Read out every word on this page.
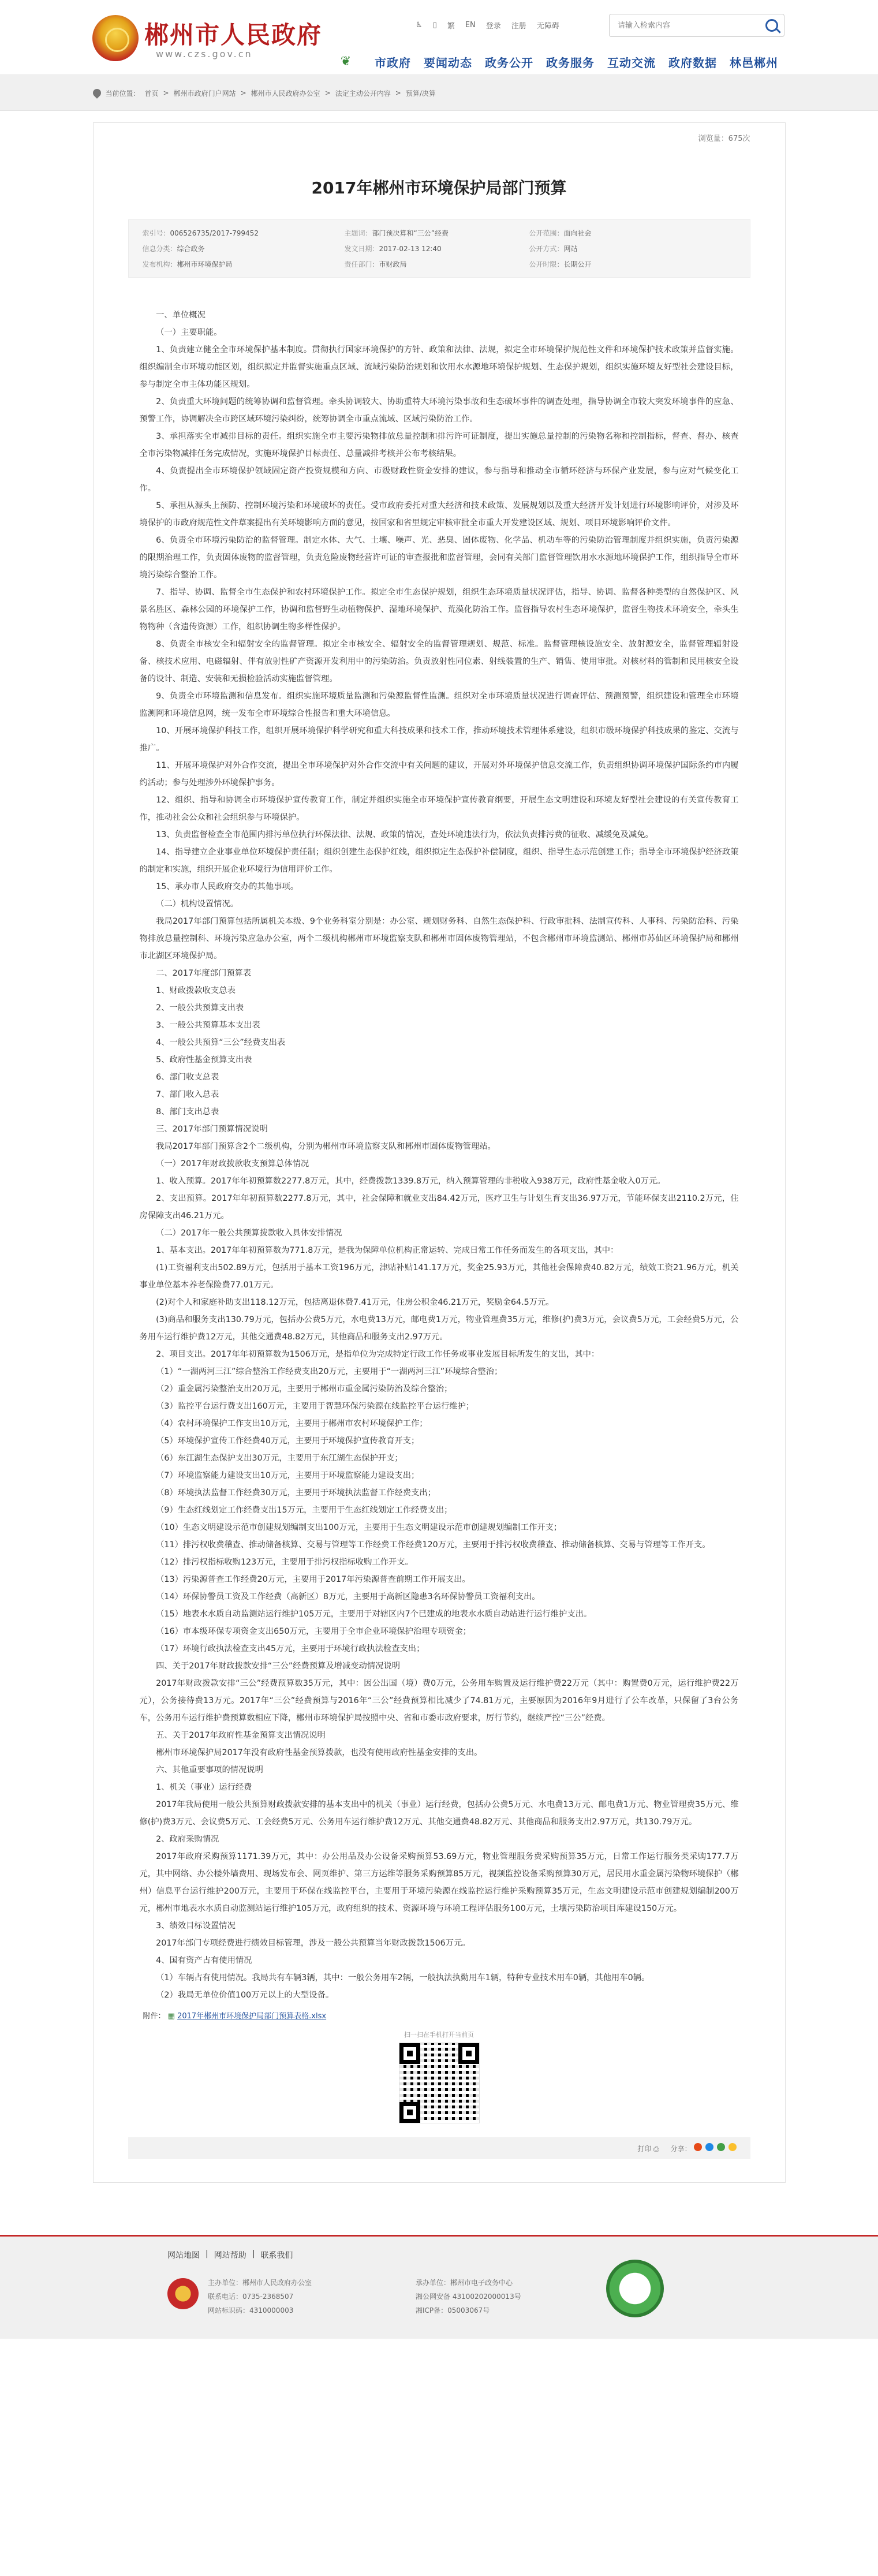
郴州市人民政府
www.czs.gov.cn
♿ ▯ 繁 EN 登录 注册 无障碍
请输入检索内容
❦	市政府	要闻动态	政务公开	政务服务	互动交流	政府数据	林邑郴州
当前位置： 首页 > 郴州市政府门户网站 > 郴州市人民政府办公室 > 法定主动公开内容 > 预算/决算
浏览量：675次
2017年郴州市环境保护局部门预算
索引号：006526735/2017-799452	主题词：部门预决算和“三公”经费	公开范围：面向社会
信息分类：综合政务	发文日期：2017-02-13 12:40	公开方式：网站
发布机构：郴州市环境保护局	责任部门：市财政局	公开时限：长期公开

一、单位概况

（一）主要职能。

1、负责建立健全全市环境保护基本制度。贯彻执行国家环境保护的方针、政策和法律、法规，拟定全市环境保护规范性文件和环境保护技术政策并监督实施。组织编制全市环境功能区划，组织拟定并监督实施重点区域、流域污染防治规划和饮用水水源地环境保护规划、生态保护规划，组织实施环境友好型社会建设目标，参与制定全市主体功能区规划。

2、负责重大环境问题的统筹协调和监督管理。牵头协调较大、协助重特大环境污染事故和生态破坏事件的调查处理，指导协调全市较大突发环境事件的应急、预警工作，协调解决全市跨区域环境污染纠纷，统筹协调全市重点流域、区域污染防治工作。

3、承担落实全市减排目标的责任。组织实施全市主要污染物排放总量控制和排污许可证制度，提出实施总量控制的污染物名称和控制指标，督查、督办、核查全市污染物减排任务完成情况，实施环境保护目标责任、总量减排考核并公布考核结果。

4、负责提出全市环境保护领域固定资产投资规模和方向、市级财政性资金安排的建议，参与指导和推动全市循环经济与环保产业发展，参与应对气候变化工作。

5、承担从源头上预防、控制环境污染和环境破坏的责任。受市政府委托对重大经济和技术政策、发展规划以及重大经济开发计划进行环境影响评价，对涉及环境保护的市政府规范性文件草案提出有关环境影响方面的意见，按国家和省里规定审核审批全市重大开发建设区域、规划、项目环境影响评价文件。

6、负责全市环境污染防治的监督管理。制定水体、大气、土壤、噪声、光、恶臭、固体废物、化学品、机动车等的污染防治管理制度并组织实施，负责污染源的限期治理工作，负责固体废物的监督管理，负责危险废物经营许可证的审查报批和监督管理，会同有关部门监督管理饮用水水源地环境保护工作，组织指导全市环境污染综合整治工作。

7、指导、协调、监督全市生态保护和农村环境保护工作。拟定全市生态保护规划，组织生态环境质量状况评估，指导、协调、监督各种类型的自然保护区、风景名胜区、森林公园的环境保护工作，协调和监督野生动植物保护、湿地环境保护、荒漠化防治工作。监督指导农村生态环境保护，监督生物技术环境安全，牵头生物物种（含遗传资源）工作，组织协调生物多样性保护。

8、负责全市核安全和辐射安全的监督管理。拟定全市核安全、辐射安全的监督管理规划、规范、标准。监督管理核设施安全、放射源安全，监督管理辐射设备、核技术应用、电磁辐射、伴有放射性矿产资源开发利用中的污染防治。负责放射性同位素、射线装置的生产、销售、使用审批。对核材料的管制和民用核安全设备的设计、制造、安装和无损检验活动实施监督管理。

9、负责全市环境监测和信息发布。组织实施环境质量监测和污染源监督性监测。组织对全市环境质量状况进行调查评估、预测预警，组织建设和管理全市环境监测网和环境信息网，统一发布全市环境综合性报告和重大环境信息。

10、开展环境保护科技工作，组织开展环境保护科学研究和重大科技成果和技术工作，推动环境技术管理体系建设，组织市级环境保护科技成果的鉴定、交流与推广。

11、开展环境保护对外合作交流，提出全市环境保护对外合作交流中有关问题的建议，开展对外环境保护信息交流工作，负责组织协调环境保护国际条约市内履约活动；参与处理涉外环境保护事务。

12、组织、指导和协调全市环境保护宣传教育工作，制定并组织实施全市环境保护宣传教育纲要，开展生态文明建设和环境友好型社会建设的有关宣传教育工作，推动社会公众和社会组织参与环境保护。

13、负责监督检查全市范围内排污单位执行环保法律、法规、政策的情况，查处环境违法行为，依法负责排污费的征收、减缓免及减免。

14、指导建立企业事业单位环境保护责任制；组织创建生态保护红线，组织拟定生态保护补偿制度，组织、指导生态示范创建工作；指导全市环境保护经济政策的制定和实施，组织开展企业环境行为信用评价工作。

15、承办市人民政府交办的其他事项。

（二）机构设置情况。

我局2017年部门预算包括所属机关本级、9个业务科室分别是：办公室、规划财务科、自然生态保护科、行政审批科、法制宣传科、人事科、污染防治科、污染物排放总量控制科、环境污染应急办公室，两个二级机构郴州市环境监察支队和郴州市固体废物管理站，不包含郴州市环境监测站、郴州市苏仙区环境保护局和郴州市北湖区环境保护局。

二、2017年度部门预算表

1、财政拨款收支总表

2、一般公共预算支出表

3、一般公共预算基本支出表

4、一般公共预算“三公”经费支出表

5、政府性基金预算支出表

6、部门收支总表

7、部门收入总表

8、部门支出总表

三、2017年部门预算情况说明

我局2017年部门预算含2个二级机构，分别为郴州市环境监察支队和郴州市固体废物管理站。

（一）2017年财政拨款收支预算总体情况

1、收入预算。2017年年初预算数2277.8万元，其中，经费拨款1339.8万元，纳入预算管理的非税收入938万元，政府性基金收入0万元。

2、支出预算。2017年年初预算数2277.8万元，其中，社会保障和就业支出84.42万元，医疗卫生与计划生育支出36.97万元，节能环保支出2110.2万元，住房保障支出46.21万元。

（二）2017年一般公共预算拨款收入具体安排情况

1、基本支出。2017年年初预算数为771.8万元，是我为保障单位机构正常运转、完成日常工作任务而发生的各项支出，其中：

(1)工资福利支出502.89万元，包括用于基本工资196万元，津贴补贴141.17万元，奖金25.93万元，其他社会保障费40.82万元，绩效工资21.96万元，机关事业单位基本养老保险费77.01万元。

(2)对个人和家庭补助支出118.12万元，包括离退休费7.41万元，住房公积金46.21万元，奖励金64.5万元。

(3)商品和服务支出130.79万元，包括办公费5万元，水电费13万元，邮电费1万元，物业管理费35万元，维修(护)费3万元，会议费5万元，工会经费5万元，公务用车运行维护费12万元，其他交通费48.82万元，其他商品和服务支出2.97万元。

2、项目支出。2017年年初预算数为1506万元，是指单位为完成特定行政工作任务或事业发展目标所发生的支出，其中：

（1）“一湖两河三江”综合整治工作经费支出20万元，主要用于“一湖两河三江”环境综合整治；

（2）重金属污染整治支出20万元，主要用于郴州市重金属污染防治及综合整治；

（3）监控平台运行费支出160万元，主要用于智慧环保污染源在线监控平台运行维护；

（4）农村环境保护工作支出10万元，主要用于郴州市农村环境保护工作；

（5）环境保护宣传工作经费40万元，主要用于环境保护宣传教育开支；

（6）东江湖生态保护支出30万元，主要用于东江湖生态保护开支；

（7）环境监察能力建设支出10万元，主要用于环境监察能力建设支出；

（8）环境执法监督工作经费30万元，主要用于环境执法监督工作经费支出；

（9）生态红线划定工作经费支出15万元，主要用于生态红线划定工作经费支出；

（10）生态文明建设示范市创建规划编制支出100万元，主要用于生态文明建设示范市创建规划编制工作开支；

（11）排污权收费稽查、推动储备核算、交易与管理等工作经费工作经费120万元，主要用于排污权收费稽查、推动储备核算、交易与管理等工作开支。

（12）排污权指标收购123万元，主要用于排污权指标收购工作开支。

（13）污染源普查工作经费20万元，主要用于2017年污染源普查前期工作开展支出。

（14）环保协警员工资及工作经费（高新区）8万元，主要用于高新区隐患3名环保协警员工资福利支出。

（15）地表水水质自动监测站运行维护105万元，主要用于对辖区内7个已建成的地表水水质自动站进行运行维护支出。

（16）市本级环保专项资金支出650万元，主要用于全市企业环境保护治理专项资金；

（17）环境行政执法检查支出45万元，主要用于环境行政执法检查支出；

四、关于2017年财政拨款安排“三公”经费预算及增减变动情况说明

2017年财政拨款安排“三公”经费预算数35万元，其中：因公出国（境）费0万元，公务用车购置及运行维护费22万元（其中：购置费0万元，运行维护费22万元），公务接待费13万元。2017年“三公”经费预算与2016年“三公”经费预算相比减少了74.81万元，主要原因为2016年9月进行了公车改革，只保留了3台公务车，公务用车运行维护费预算数相应下降，郴州市环境保护局按照中央、省和市委市政府要求，厉行节约，继续严控“三公”经费。

五、关于2017年政府性基金预算支出情况说明

郴州市环境保护局2017年没有政府性基金预算拨款，也没有使用政府性基金安排的支出。

六、其他重要事项的情况说明

1、机关（事业）运行经费

2017年我局使用一般公共预算财政拨款安排的基本支出中的机关（事业）运行经费，包括办公费5万元、水电费13万元、邮电费1万元、物业管理费35万元、维修(护)费3万元、会议费5万元、工会经费5万元、公务用车运行维护费12万元、其他交通费48.82万元、其他商品和服务支出2.97万元，共130.79万元。

2、政府采购情况

2017年政府采购预算1171.39万元，其中：办公用品及办公设备采购预算53.69万元，物业管理服务费采购预算35万元，日常工作运行服务类采购177.7万元，其中网络、办公楼外墙费用、现场发布会、网页维护、第三方运维等服务采购预算85万元，视频监控设备采购预算30万元，居民用水重金属污染物环境保护（郴州）信息平台运行维护200万元，主要用于环保在线监控平台，主要用于环境污染源在线监控运行维护采购预算35万元，生态文明建设示范市创建规划编制200万元，郴州市地表水水质自动监测站运行维护105万元，政府组织的技术、资源环境与环境工程评估服务100万元，土壤污染防治项目库建设150万元。

3、绩效目标设置情况

2017年部门专项经费进行绩效目标管理，涉及一般公共预算当年财政拨款1506万元。

4、国有资产占有使用情况

（1）车辆占有使用情况。我局共有车辆3辆，其中：一般公务用车2辆，一般执法执勤用车1辆，特种专业技术用车0辆，其他用车0辆。

（2）我局无单位价值100万元以上的大型设备。

附件： ▦ 2017年郴州市环境保护局部门预算表格.xlsx
扫一扫在手机打开当前页
打印 ⎙ 分享：
网站地图 | 网站帮助 | 联系我们
主办单位：郴州市人民政府办公室
联系电话：0735-2368507
网站标识码：4310000003
承办单位：郴州市电子政务中心
湘公网安备 43100202000013号
湘ICP备：05003067号
